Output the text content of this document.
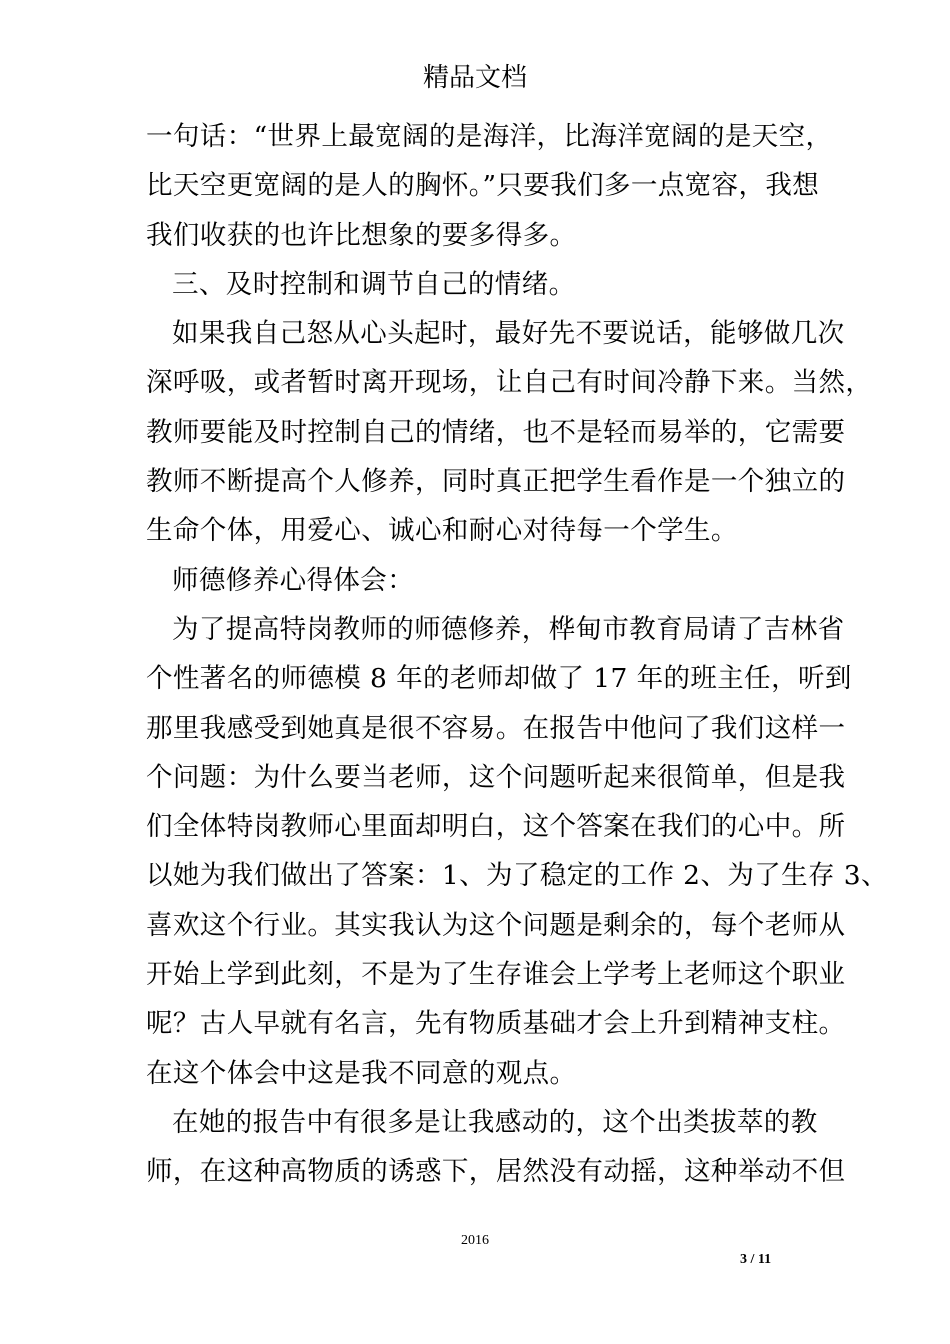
精品文档
一句话：“世界上最宽阔的是海洋，比海洋宽阔的是天空，
比天空更宽阔的是人的胸怀。”只要我们多一点宽容，我想
我们收获的也许比想象的要多得多。
三、及时控制和调节自己的情绪。
如果我自己怒从心头起时，最好先不要说话，能够做几次
深呼吸，或者暂时离开现场，让自己有时间冷静下来。当然，
教师要能及时控制自己的情绪，也不是轻而易举的，它需要
教师不断提高个人修养，同时真正把学生看作是一个独立的
生命个体，用爱心、诚心和耐心对待每一个学生。
师德修养心得体会：
为了提高特岗教师的师德修养，桦甸市教育局请了吉林省
个性著名的师德模 8 年的老师却做了 17 年的班主任，听到
那里我感受到她真是很不容易。在报告中他问了我们这样一
个问题：为什么要当老师，这个问题听起来很简单，但是我
们全体特岗教师心里面却明白，这个答案在我们的心中。所
以她为我们做出了答案：1、为了稳定的工作 2、为了生存 3、
喜欢这个行业。其实我认为这个问题是剩余的，每个老师从
开始上学到此刻，不是为了生存谁会上学考上老师这个职业
呢？古人早就有名言，先有物质基础才会上升到精神支柱。
在这个体会中这是我不同意的观点。
在她的报告中有很多是让我感动的，这个出类拔萃的教
师，在这种高物质的诱惑下，居然没有动摇，这种举动不但
2016
3 / 11
